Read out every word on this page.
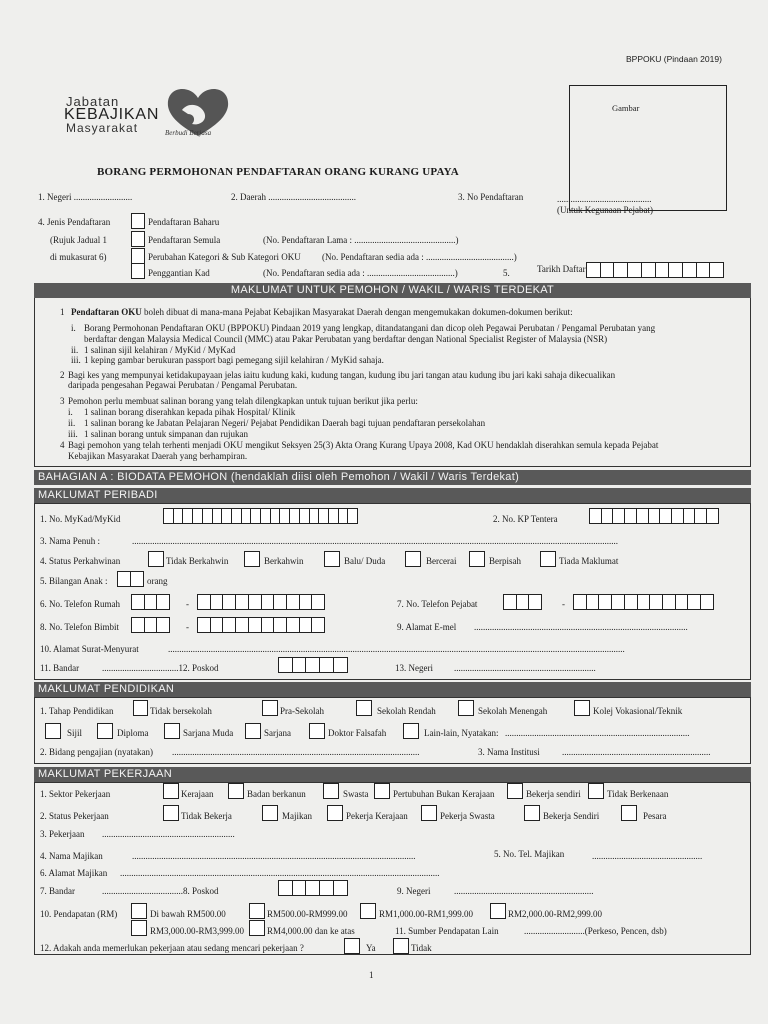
BPPOKU (Pindaan 2019)
Jabatan
KEBAJIKAN
Masyarakat	Berbudi Berjasa
Gambar
BORANG PERMOHONAN PENDAFTARAN ORANG KURANG UPAYA
1. Negeri ..........................	2. Daerah .......................................	3. No Pendaftaran	..........................................
(Untuk Kegunaan Pejabat)
4. Jenis Pendaftaran
(Rujuk Jadual 1
di mukasurat 6)
Pendaftaran Baharu
Pendaftaran Semula	(No. Pendaftaran Lama : .............................................)
Perubahan Kategori & Sub Kategori OKU (No. Pendaftaran sedia ada : .......................................)
Penggantian Kad	(No. Pendaftaran sedia ada : .......................................)	5.	Tarikh Daftar
MAKLUMAT UNTUK PEMOHON / WAKIL / WARIS TERDEKAT
1 Pendaftaran OKU boleh dibuat di mana-mana Pejabat Kebajikan Masyarakat Daerah dengan mengemukakan dokumen-dokumen berikut:
i. Borang Permohonan Pendaftaran OKU (BPPOKU) Pindaan 2019 yang lengkap, ditandatangani dan dicop oleh Pegawai Perubatan / Pengamal Perubatan yang
berdaftar dengan Malaysia Medical Council (MMC) atau Pakar Perubatan yang berdaftar dengan National Specialist Register of Malaysia (NSR)
ii. 1 salinan sijil kelahiran / MyKid / MyKad
iii. 1 keping gambar berukuran passport bagi pemegang sijil kelahiran / MyKid sahaja.
2 Bagi kes yang mempunyai ketidakupayaan jelas iaitu kudung kaki, kudung tangan, kudung ibu jari tangan atau kudung ibu jari kaki sahaja dikecualikan
daripada pengesahan Pegawai Perubatan / Pengamal Perubatan.
3 Pemohon perlu membuat salinan borang yang telah dilengkapkan untuk tujuan berikut jika perlu:
i. 1 salinan borang diserahkan kepada pihak Hospital/ Klinik
ii. 1 salinan borang ke Jabatan Pelajaran Negeri/ Pejabat Pendidikan Daerah bagi tujuan pendaftaran persekolahan
iii. 1 salinan borang untuk simpanan dan rujukan
4 Bagi pemohon yang telah terhenti menjadi OKU mengikut Seksyen 25(3) Akta Orang Kurang Upaya 2008, Kad OKU hendaklah diserahkan semula kepada Pejabat
Kebajikan Masyarakat Daerah yang berhampiran.
BAHAGIAN A : BIODATA PEMOHON (hendaklah diisi oleh Pemohon / Wakil / Waris Terdekat)
MAKLUMAT PERIBADI
1. No. MyKad/MyKid	2. No. KP Tentera
3. Nama Penuh :	........................................................................................................................................................................................................................
4. Status Perkahwinan	Tidak Berkahwin	Berkahwin	Balu/ Duda	Bercerai	Berpisah	Tiada Maklumat
5. Bilangan Anak :	orang
6. No. Telefon Rumah	-	7. No. Telefon Pejabat	-
8. No. Telefon Bimbit	-	9. Alamat E-mel ...............................................................................................
10. Alamat Surat-Menyurat	...........................................................................................................................................................................................................
11. Bandar	..................................12. Poskod	13. Negeri ...............................................................
MAKLUMAT PENDIDIKAN
1. Tahap Pendidikan	Tidak bersekolah	Pra-Sekolah	Sekolah Rendah	Sekolah Menengah	Kolej Vokasional/Teknik
Sijil	Diploma	Sarjana Muda	Sarjana	Doktor Falsafah	Lain-lain, Nyatakan: ..................................................................................
2. Bidang pengajian (nyatakan) ..............................................................................................................	3. Nama Institusi ..................................................................
MAKLUMAT PEKERJAAN
1. Sektor Pekerjaan	Kerajaan	Badan berkanun	Swasta	Pertubuhan Bukan Kerajaan	Bekerja sendiri	Tidak Berkenaan
2. Status Pekerjaan	Tidak Bekerja	Majikan	Pekerja Kerajaan	Pekerja Swasta	Bekerja Sendiri	Pesara
3. Pekerjaan ...........................................................
4. Nama Majikan	..............................................................................................................................	5. No. Tel. Majikan	.................................................
6. Alamat Majikan ..............................................................................................................................................
7. Bandar	....................................8. Poskod	9. Negeri	..............................................................
10. Pendapatan (RM)	Di bawah RM500.00	RM500.00-RM999.00	RM1,000.00-RM1,999.00	RM2,000.00-RM2,999.00
RM3,000.00-RM3,999.00	RM4,000.00 dan ke atas	11. Sumber Pendapatan Lain	...........................(Perkeso, Pencen, dsb)
12. Adakah anda memerlukan pekerjaan atau sedang mencari pekerjaan ?	Ya	Tidak
1
